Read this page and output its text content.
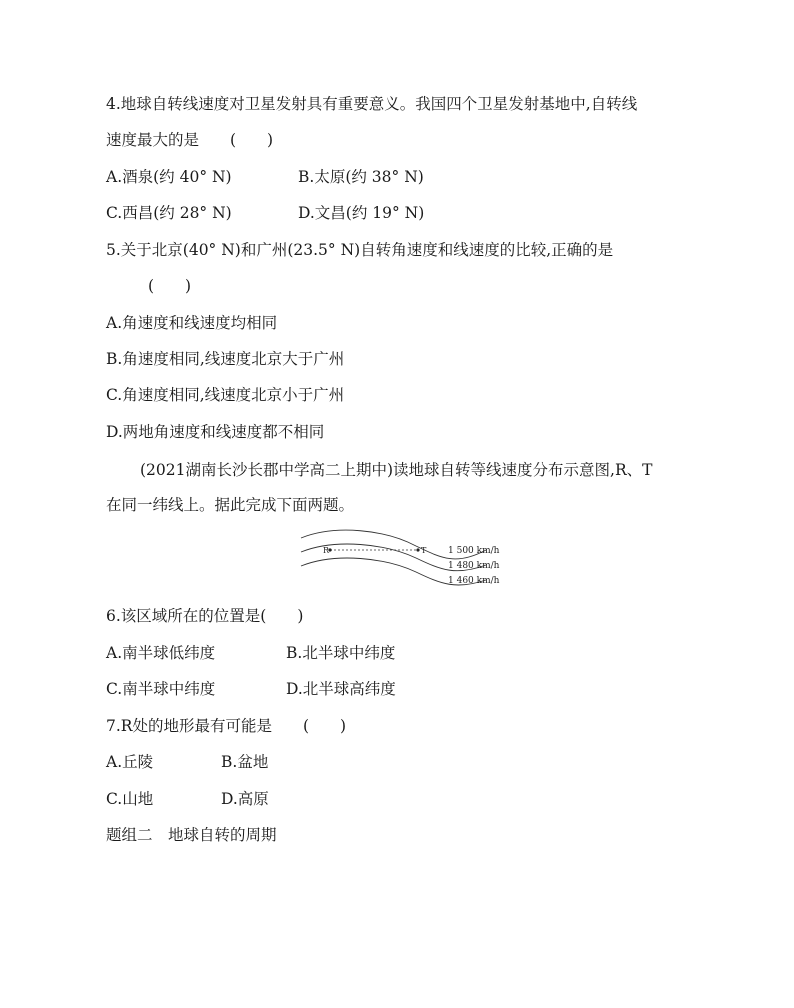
4.地球自转线速度对卫星发射具有重要意义。我国四个卫星发射基地中,自转线
速度最大的是　　(　　)
A.酒泉(约 40° N)	B.太原(约 38° N)
C.西昌(约 28° N)	D.文昌(约 19° N)
5.关于北京(40° N)和广州(23.5° N)自转角速度和线速度的比较,正确的是
(　　)
A.角速度和线速度均相同
B.角速度相同,线速度北京大于广州
C.角速度相同,线速度北京小于广州
D.两地角速度和线速度都不相同
(2021湖南长沙长郡中学高二上期中)读地球自转等线速度分布示意图,R、T
在同一纬线上。据此完成下面两题。
R	T 1 500 km/h
1 480 km/h
1 460 km/h
6.该区域所在的位置是(　　)
A.南半球低纬度	B.北半球中纬度
C.南半球中纬度	D.北半球高纬度
7.R处的地形最有可能是　　(　　)
A.丘陵	B.盆地
C.山地	D.高原
题组二　地球自转的周期
